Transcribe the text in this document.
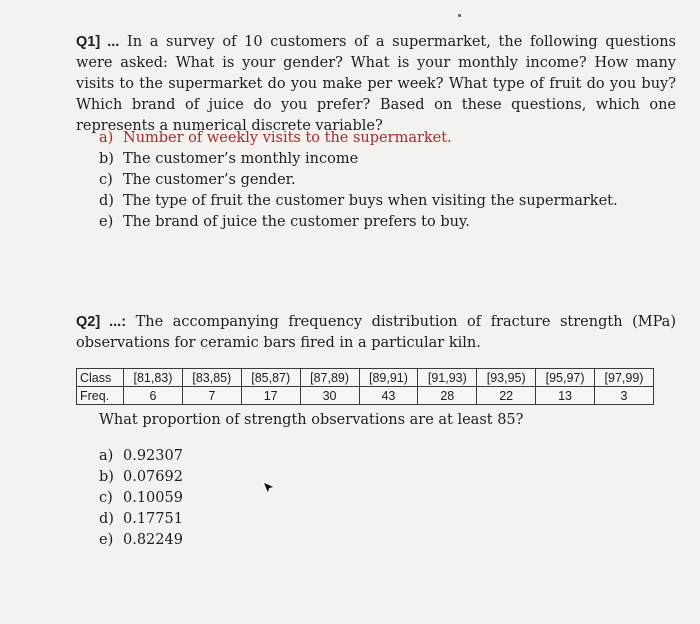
Q1] ... In a survey of 10 customers of a supermarket, the following questions were asked: What is your gender? What is your monthly income? How many visits to the supermarket do you make per week? What type of fruit do you buy? Which brand of juice do you prefer? Based on these questions, which one represents a numerical discrete variable?
a) Number of weekly visits to the supermarket.
b) The customer’s monthly income
c) The customer’s gender.
d) The type of fruit the customer buys when visiting the supermarket.
e) The brand of juice the customer prefers to buy.
Q2] ...: The accompanying frequency distribution of fracture strength (MPa) observations for ceramic bars fired in a particular kiln.
Class	[81,83)	[83,85)	[85,87)	[87,89)	[89,91)	[91,93)	[93,95)	[95,97)	[97,99)
Freq.	6	7	17	30	43	28	22	13	3
What proportion of strength observations are at least 85?
a) 0.92307
b) 0.07692
c) 0.10059
d) 0.17751
e) 0.82249
